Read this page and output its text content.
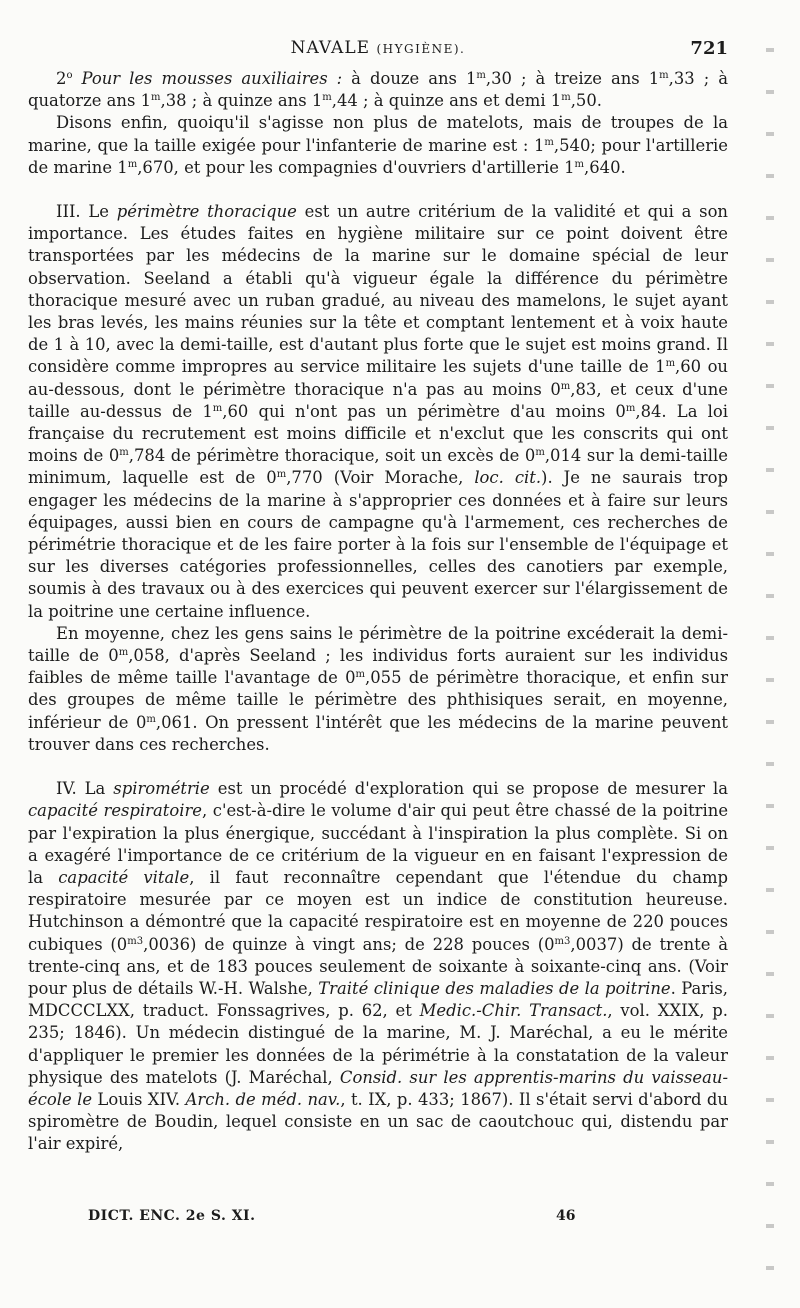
NAVALE (HYGIÈNE).	721

2$^o$ Pour les mousses auxiliaires : à douze ans 1$^m$,30 ; à treize ans 1$^m$,33 ; à quatorze ans 1$^m$,38 ; à quinze ans 1$^m$,44 ; à quinze ans et demi 1$^m$,50.

Disons enfin, quoiqu'il s'agisse non plus de matelots, mais de troupes de la marine, que la taille exigée pour l'infanterie de marine est : 1$^m$,540; pour l'artillerie de marine 1$^m$,670, et pour les compagnies d'ouvriers d'artillerie 1$^m$,640.

III. Le périmètre thoracique est un autre critérium de la validité et qui a son importance. Les études faites en hygiène militaire sur ce point doivent être transportées par les médecins de la marine sur le domaine spécial de leur observation. Seeland a établi qu'à vigueur égale la différence du périmètre thoracique mesuré avec un ruban gradué, au niveau des mamelons, le sujet ayant les bras levés, les mains réunies sur la tête et comptant lentement et à voix haute de 1 à 10, avec la demi-taille, est d'autant plus forte que le sujet est moins grand. Il considère comme impropres au service militaire les sujets d'une taille de 1$^m$,60 ou au-dessous, dont le périmètre thoracique n'a pas au moins 0$^m$,83, et ceux d'une taille au-dessus de 1$^m$,60 qui n'ont pas un périmètre d'au moins 0$^m$,84. La loi française du recrutement est moins difficile et n'exclut que les conscrits qui ont moins de 0$^m$,784 de périmètre thoracique, soit un excès de 0$^m$,014 sur la demi-taille minimum, laquelle est de 0$^m$,770 (Voir Morache, loc. cit.). Je ne saurais trop engager les médecins de la marine à s'approprier ces données et à faire sur leurs équipages, aussi bien en cours de campagne qu'à l'armement, ces recherches de périmétrie thoracique et de les faire porter à la fois sur l'ensemble de l'équipage et sur les diverses catégories professionnelles, celles des canotiers par exemple, soumis à des travaux ou à des exercices qui peuvent exercer sur l'élargissement de la poitrine une certaine influence.

En moyenne, chez les gens sains le périmètre de la poitrine excéderait la demi-taille de 0$^m$,058, d'après Seeland ; les individus forts auraient sur les individus faibles de même taille l'avantage de 0$^m$,055 de périmètre thoracique, et enfin sur des groupes de même taille le périmètre des phthisiques serait, en moyenne, inférieur de 0$^m$,061. On pressent l'intérêt que les médecins de la marine peuvent trouver dans ces recherches.

IV. La spirométrie est un procédé d'exploration qui se propose de mesurer la capacité respiratoire, c'est-à-dire le volume d'air qui peut être chassé de la poitrine par l'expiration la plus énergique, succédant à l'inspiration la plus complète. Si on a exagéré l'importance de ce critérium de la vigueur en en faisant l'expression de la capacité vitale, il faut reconnaître cependant que l'étendue du champ respiratoire mesurée par ce moyen est un indice de constitution heureuse. Hutchinson a démontré que la capacité respiratoire est en moyenne de 220 pouces cubiques $(0^{m3},0036)$ de quinze à vingt ans; de 228 pouces $(0^{m3},0037)$ de trente à trente-cinq ans, et de 183 pouces seulement de soixante à soixante-cinq ans. (Voir pour plus de détails W.-H. Walshe, Traité clinique des maladies de la poitrine. Paris, MDCCCLXX, traduct. Fonssagrives, p. 62, et Medic.-Chir. Transact., vol. XXIX, p. 235; 1846). Un médecin distingué de la marine, M. J. Maréchal, a eu le mérite d'appliquer le premier les données de la périmétrie à la constatation de la valeur physique des matelots (J. Maréchal, Consid. sur les apprentis-marins du vaisseau-école le Louis XIV. Arch. de méd. nav., t. IX, p. 433; 1867). Il s'était servi d'abord du spiromètre de Boudin, lequel consiste en un sac de caoutchouc qui, distendu par l'air expiré,

DICT. ENC. 2e S. XI.	46
